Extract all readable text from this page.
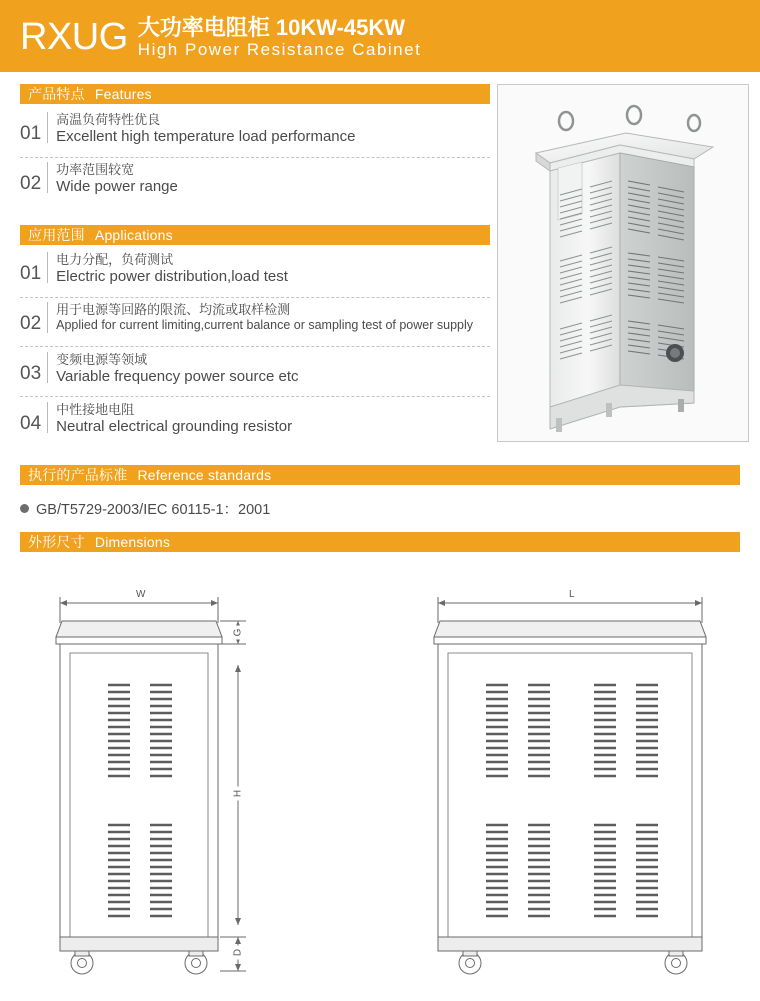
RXUG 大功率电阻柜 10KW-45KW
High Power Resistance Cabinet
产品特点 Features
01
高温负荷特性优良
Excellent high temperature load performance
02
功率范围较宽
Wide power range
应用范围 Applications
01
电力分配，负荷测试
Electric power distribution,load test
02
用于电源等回路的限流、均流或取样检测
Applied for current limiting,current balance or sampling test of power supply
03
变频电源等领域
Variable frequency power source etc
04
中性接地电阻
Neutral electrical grounding resistor
执行的产品标准 Reference standards
GB/T5729-2003/IEC 60115-1：2001
外形尺寸 Dimensions
W
G
H
D
L
